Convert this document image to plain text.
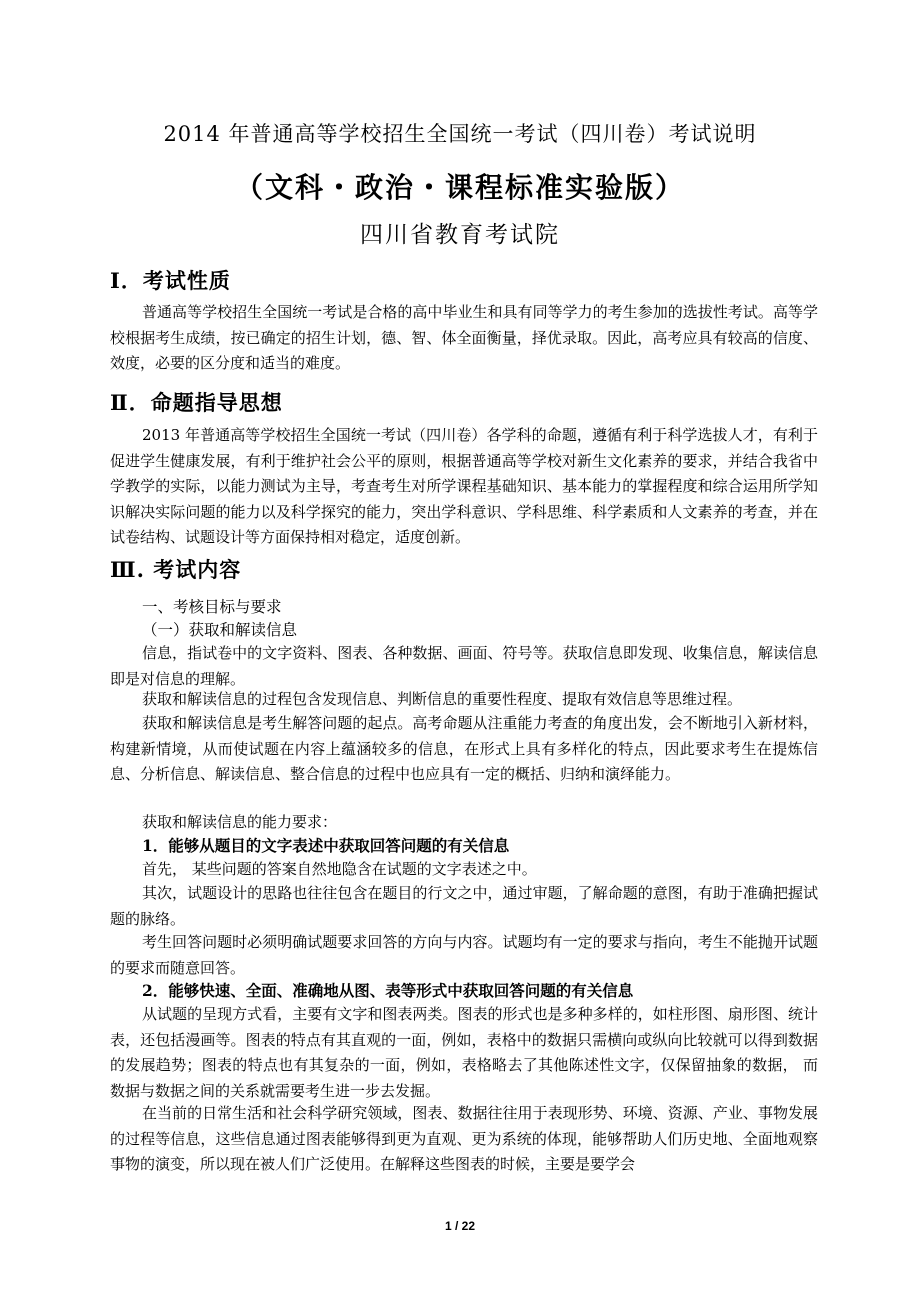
2014 年普通高等学校招生全国统一考试（四川卷）考试说明
（文科・政治・课程标准实验版）
四川省教育考试院
Ⅰ．考试性质

普通高等学校招生全国统一考试是合格的高中毕业生和具有同等学力的考生参加的选拔性考试。高等学校根据考生成绩，按已确定的招生计划，德、智、体全面衡量，择优录取。因此，高考应具有较高的信度、效度，必要的区分度和适当的难度。

Ⅱ．命题指导思想

2013 年普通高等学校招生全国统一考试（四川卷）各学科的命题，遵循有利于科学选拔人才，有利于促进学生健康发展，有利于维护社会公平的原则，根据普通高等学校对新生文化素养的要求，并结合我省中学教学的实际，以能力测试为主导，考查考生对所学课程基础知识、基本能力的掌握程度和综合运用所学知识解决实际问题的能力以及科学探究的能力，突出学科意识、学科思维、科学素质和人文素养的考查，并在试卷结构、试题设计等方面保持相对稳定，适度创新。

Ⅲ. 考试内容
一、考核目标与要求
（一）获取和解读信息

信息，指试卷中的文字资料、图表、各种数据、画面、符号等。获取信息即发现、收集信息，解读信息即是对信息的理解。

获取和解读信息的过程包含发现信息、判断信息的重要性程度、提取有效信息等思维过程。

获取和解读信息是考生解答问题的起点。高考命题从注重能力考查的角度出发，会不断地引入新材料，构建新情境，从而使试题在内容上蕴涵较多的信息，在形式上具有多样化的特点，因此要求考生在提炼信息、分析信息、解读信息、整合信息的过程中也应具有一定的概括、归纳和演绎能力。

获取和解读信息的能力要求：

1．能够从题目的文字表述中获取回答问题的有关信息

首先， 某些问题的答案自然地隐含在试题的文字表述之中。

其次，试题设计的思路也往往包含在题目的行文之中，通过审题，了解命题的意图，有助于准确把握试题的脉络。

考生回答问题时必须明确试题要求回答的方向与内容。试题均有一定的要求与指向，考生不能抛开试题的要求而随意回答。

2．能够快速、全面、准确地从图、表等形式中获取回答问题的有关信息

从试题的呈现方式看，主要有文字和图表两类。图表的形式也是多种多样的，如柱形图、扇形图、统计表，还包括漫画等。图表的特点有其直观的一面，例如，表格中的数据只需横向或纵向比较就可以得到数据的发展趋势；图表的特点也有其复杂的一面，例如，表格略去了其他陈述性文字，仅保留抽象的数据， 而数据与数据之间的关系就需要考生进一步去发掘。

在当前的日常生活和社会科学研究领域，图表、数据往往用于表现形势、环境、资源、产业、事物发展的过程等信息，这些信息通过图表能够得到更为直观、更为系统的体现，能够帮助人们历史地、全面地观察事物的演变，所以现在被人们广泛使用。在解释这些图表的时候，主要是要学会

1 / 22
